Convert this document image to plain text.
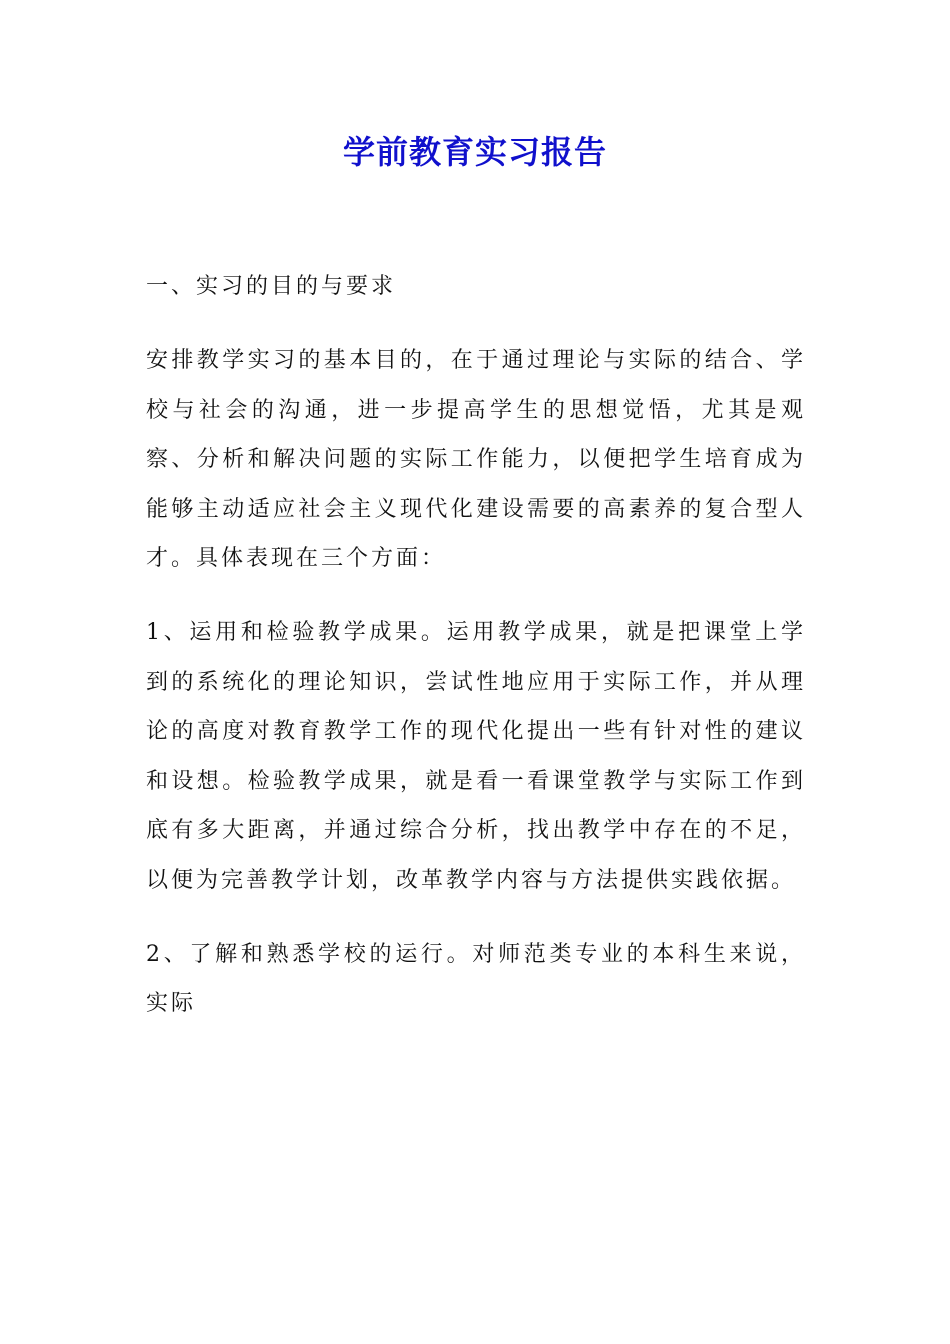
学前教育实习报告

一、实习的目的与要求

安排教学实习的基本目的，在于通过理论与实际的结合、学校与社会的沟通，进一步提高学生的思想觉悟，尤其是观察、分析和解决问题的实际工作能力，以便把学生培育成为能够主动适应社会主义现代化建设需要的高素养的复合型人才。具体表现在三个方面：

1、运用和检验教学成果。运用教学成果，就是把课堂上学到的系统化的理论知识，尝试性地应用于实际工作，并从理论的高度对教育教学工作的现代化提出一些有针对性的建议和设想。检验教学成果，就是看一看课堂教学与实际工作到底有多大距离，并通过综合分析，找出教学中存在的不足，以便为完善教学计划，改革教学内容与方法提供实践依据。

2、了解和熟悉学校的运行。对师范类专业的本科生来说，实际
